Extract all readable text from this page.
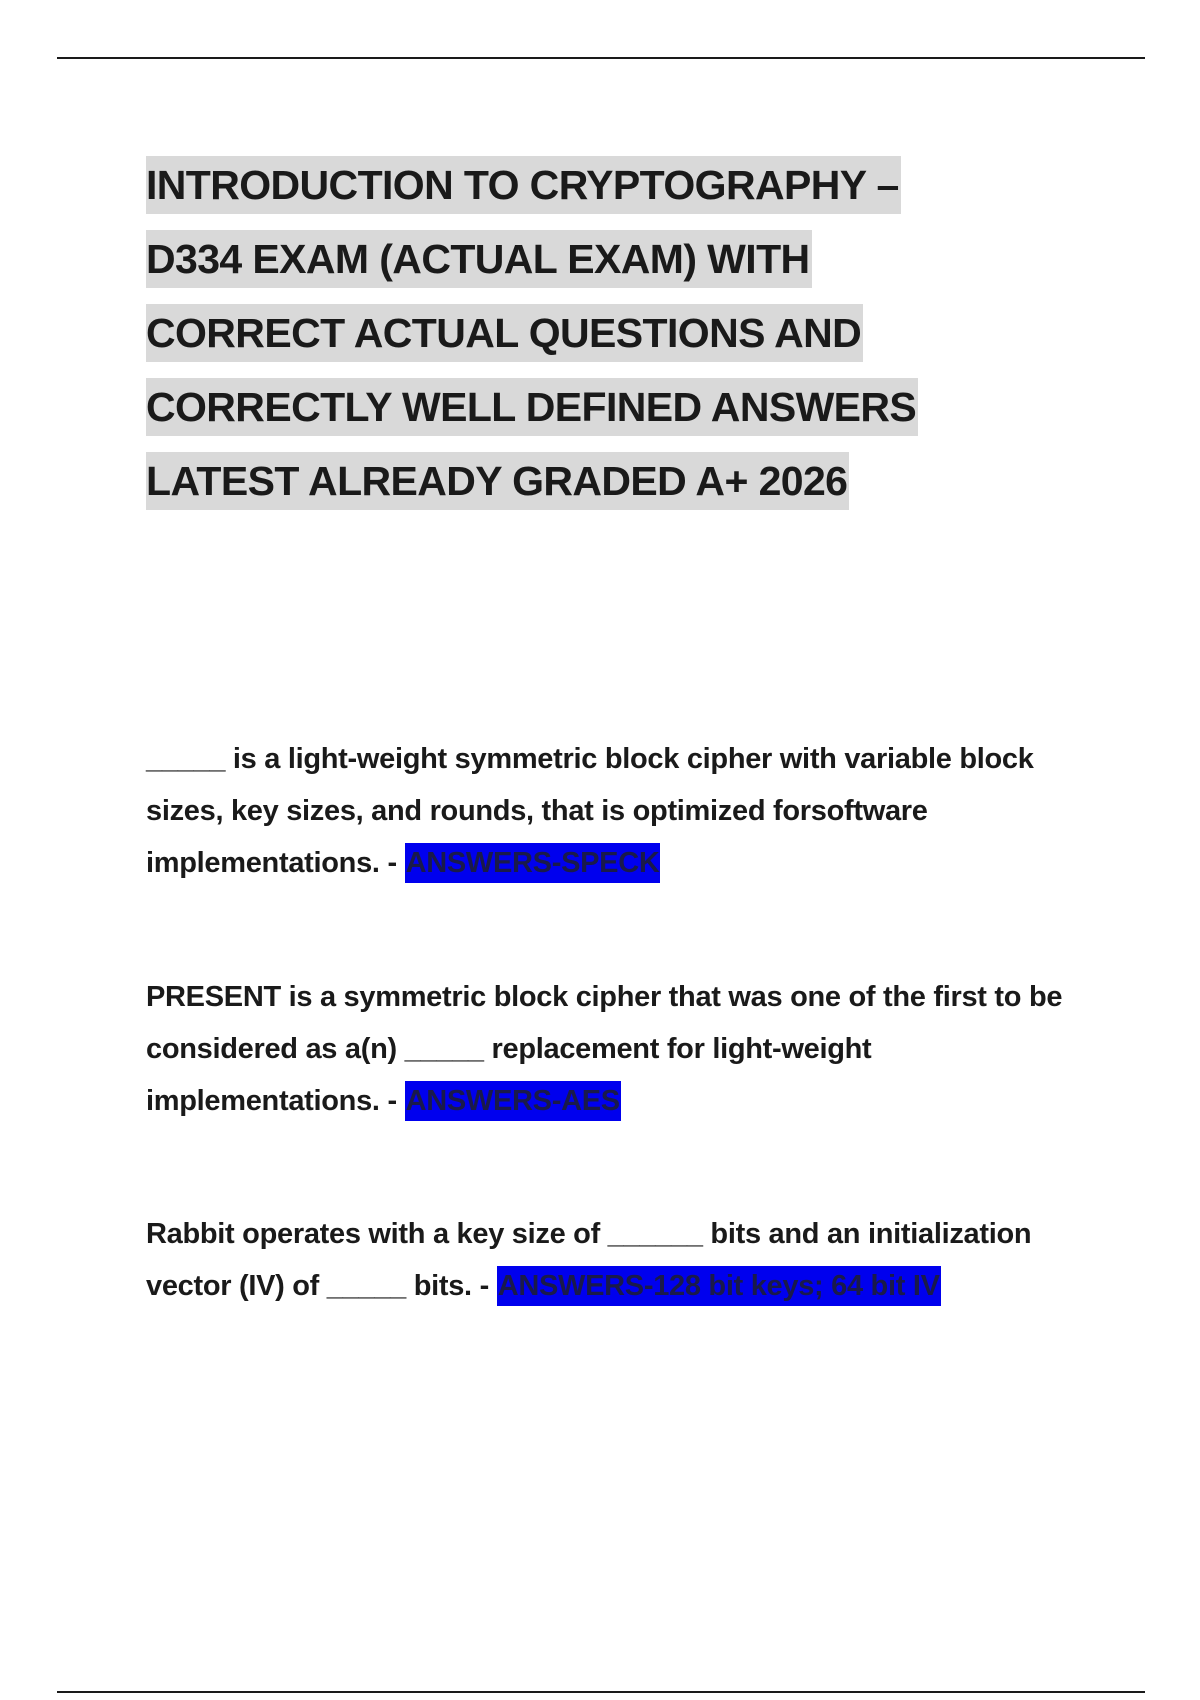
INTRODUCTION TO CRYPTOGRAPHY –
D334 EXAM (ACTUAL EXAM) WITH
CORRECT ACTUAL QUESTIONS AND
CORRECTLY WELL DEFINED ANSWERS
LATEST ALREADY GRADED A+ 2026

_____ is a light-weight symmetric block cipher with variable block sizes, key sizes, and rounds, that is optimized forsoftware implementations. - ANSWERS-SPECK

PRESENT is a symmetric block cipher that was one of the first to be considered as a(n) _____ replacement for light-weight implementations. - ANSWERS-AES

Rabbit operates with a key size of ______ bits and an initialization vector (IV) of _____ bits. - ANSWERS-128 bit keys; 64 bit IV
